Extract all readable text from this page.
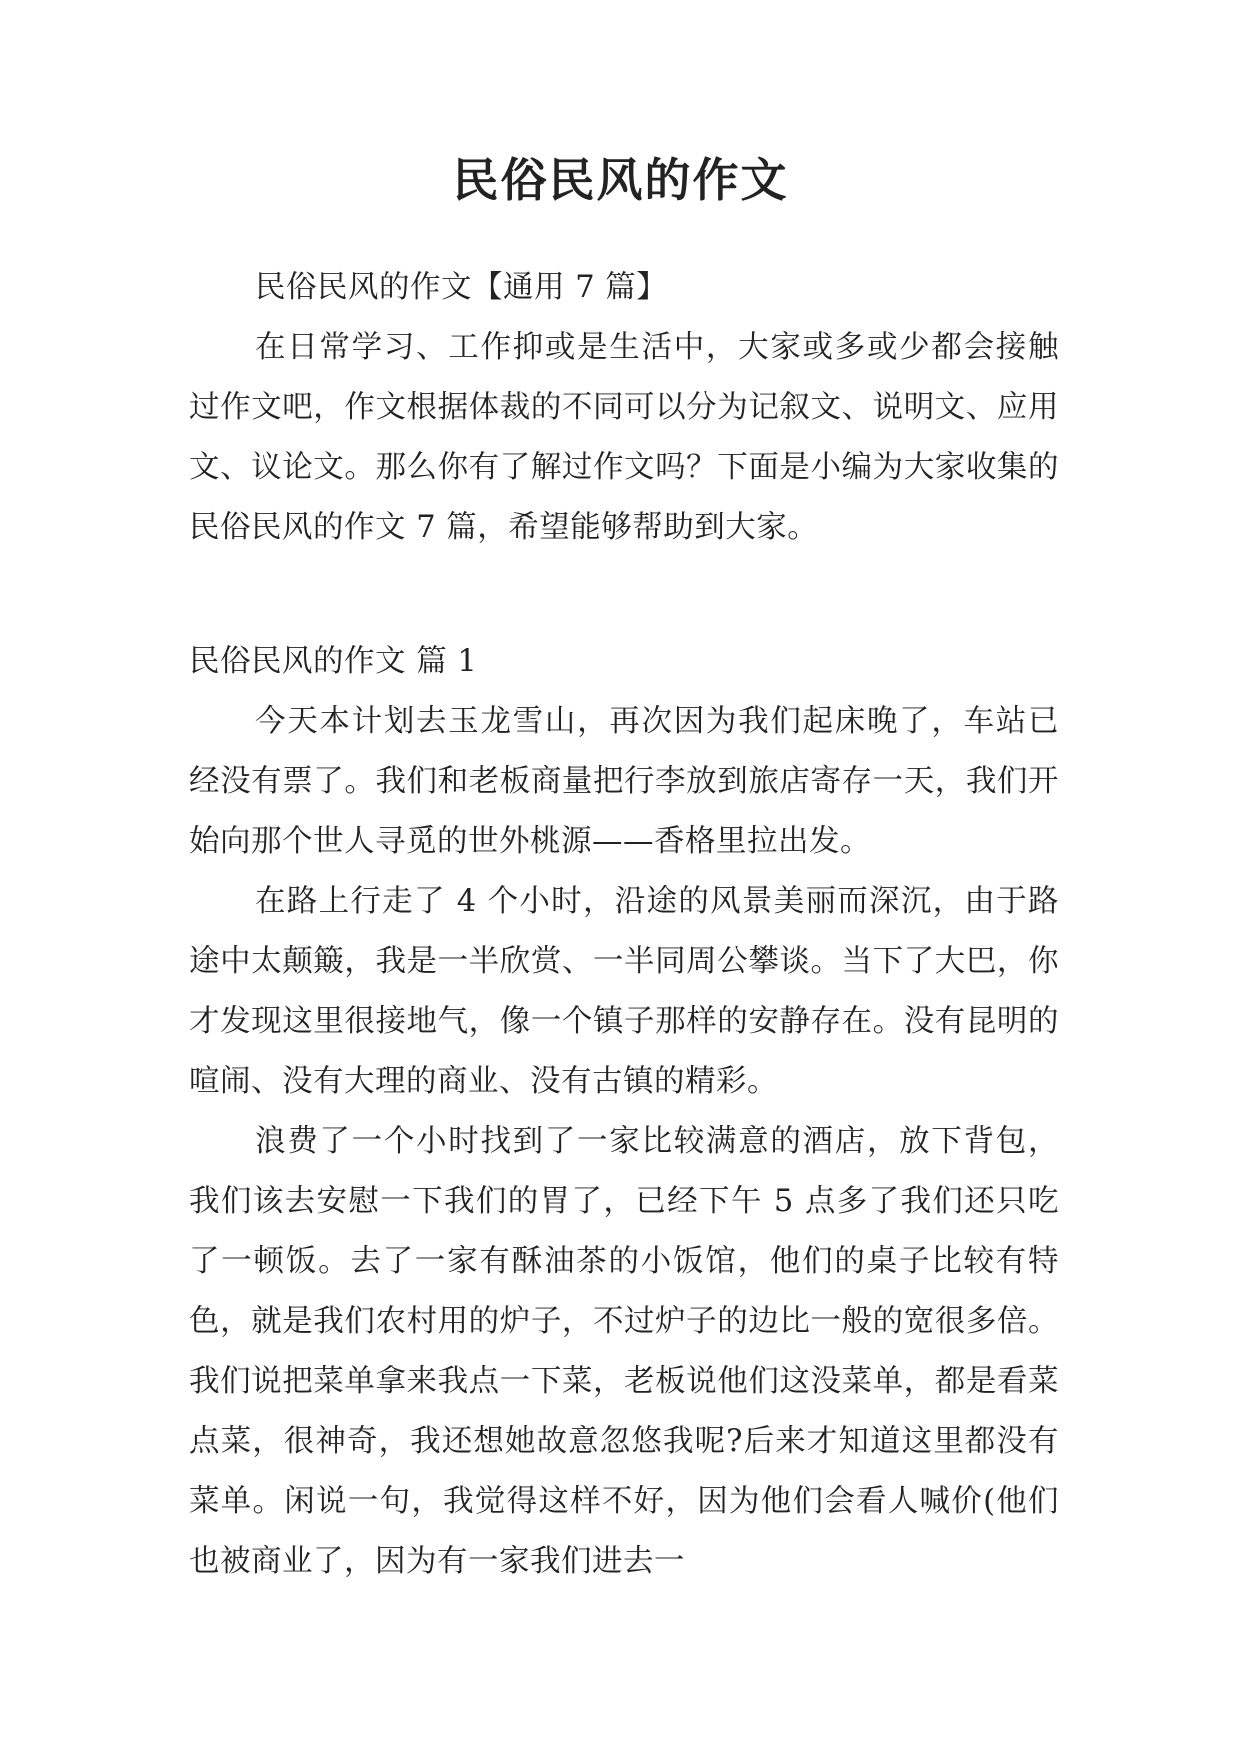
民俗民风的作文

民俗民风的作文【通用 7 篇】

在日常学习、工作抑或是生活中，大家或多或少都会接触过作文吧，作文根据体裁的不同可以分为记叙文、说明文、应用文、议论文。那么你有了解过作文吗？下面是小编为大家收集的民俗民风的作文 7 篇，希望能够帮助到大家。

民俗民风的作文 篇 1

今天本计划去玉龙雪山，再次因为我们起床晚了，车站已经没有票了。我们和老板商量把行李放到旅店寄存一天，我们开始向那个世人寻觅的世外桃源——香格里拉出发。

在路上行走了 4 个小时，沿途的风景美丽而深沉，由于路途中太颠簸，我是一半欣赏、一半同周公攀谈。当下了大巴，你才发现这里很接地气，像一个镇子那样的安静存在。没有昆明的喧闹、没有大理的商业、没有古镇的精彩。

浪费了一个小时找到了一家比较满意的酒店，放下背包，我们该去安慰一下我们的胃了，已经下午 5 点多了我们还只吃了一顿饭。去了一家有酥油茶的小饭馆，他们的桌子比较有特色，就是我们农村用的炉子，不过炉子的边比一般的宽很多倍。我们说把菜单拿来我点一下菜，老板说他们这没菜单，都是看菜点菜，很神奇，我还想她故意忽悠我呢?后来才知道这里都没有菜单。闲说一句，我觉得这样不好，因为他们会看人喊价(他们也被商业了，因为有一家我们进去一
